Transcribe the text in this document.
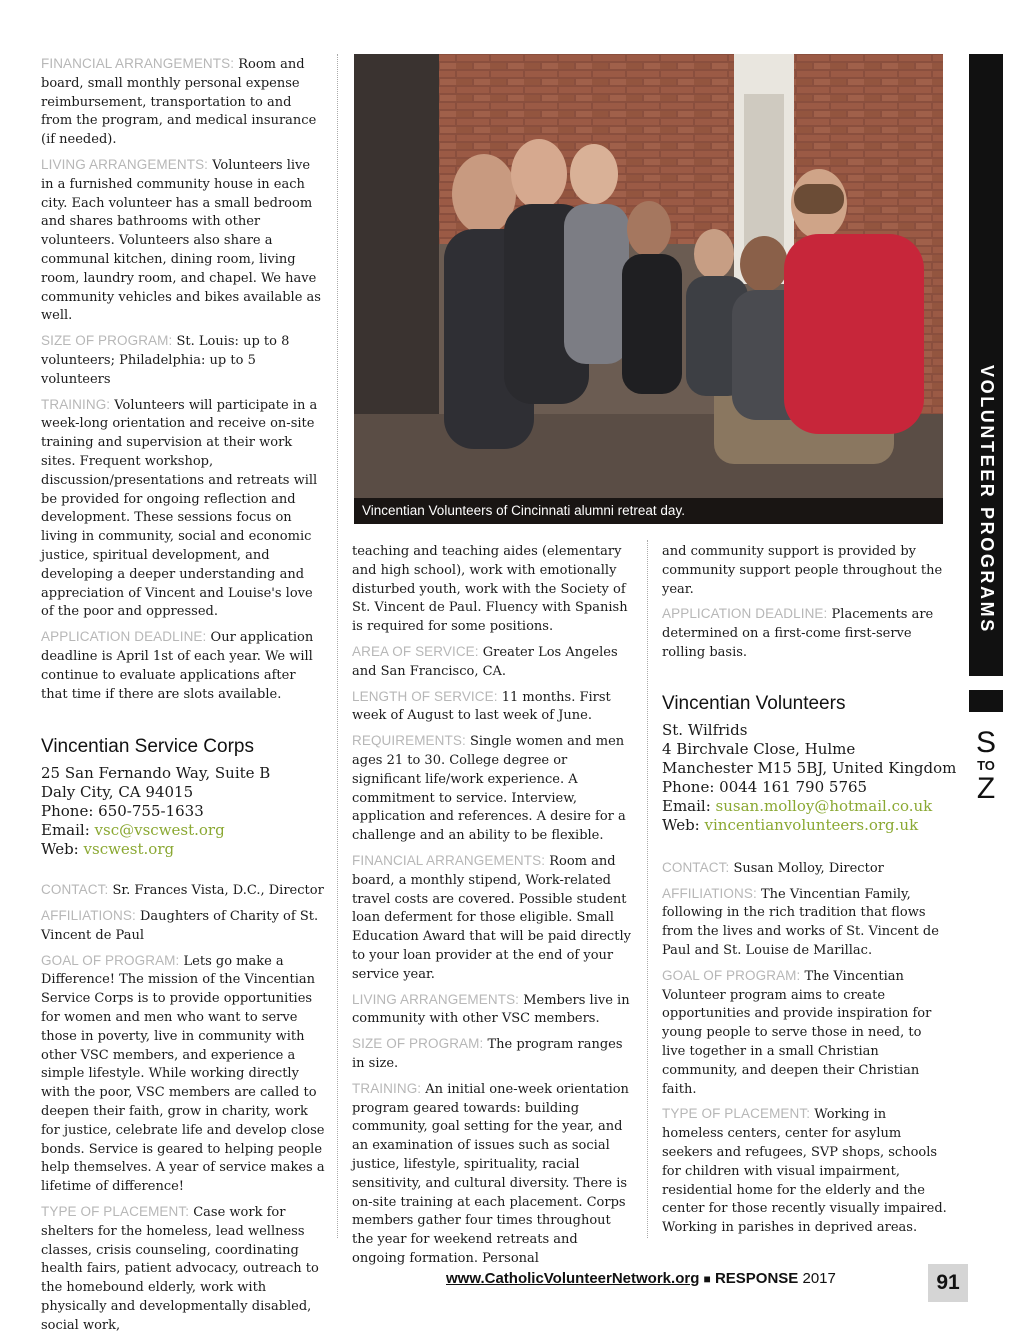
FINANCIAL ARRANGEMENTS: Room and board, small monthly personal expense reimbursement, transportation to and from the program, and medical insurance (if needed).

LIVING ARRANGEMENTS: Volunteers live in a furnished community house in each city. Each volunteer has a small bedroom and shares bathrooms with other volunteers. Volunteers also share a communal kitchen, dining room, living room, laundry room, and chapel. We have community vehicles and bikes available as well.

SIZE OF PROGRAM: St. Louis: up to 8 volunteers; Philadelphia: up to 5 volunteers

TRAINING: Volunteers will participate in a week-long orientation and receive on-site training and supervision at their work sites. Frequent workshop, discussion/presentations and retreats will be provided for ongoing reflection and development. These sessions focus on living in community, social and economic justice, spiritual development, and developing a deeper understanding and appreciation of Vincent and Louise's love of the poor and oppressed.

APPLICATION DEADLINE: Our application deadline is April 1st of each year. We will continue to evaluate applications after that time if there are slots available.

Vincentian Service Corps
25 San Fernando Way, Suite B
Daly City, CA 94015
Phone: 650-755-1633
Email: vsc@vscwest.org
Web: vscwest.org

CONTACT: Sr. Frances Vista, D.C., Director

AFFILIATIONS: Daughters of Charity of St. Vincent de Paul

GOAL OF PROGRAM: Lets go make a Difference! The mission of the Vincentian Service Corps is to provide opportunities for women and men who want to serve those in poverty, live in community with other VSC members, and experience a simple lifestyle. While working directly with the poor, VSC members are called to deepen their faith, grow in charity, work for justice, celebrate life and develop close bonds. Service is geared to helping people help themselves. A year of service makes a lifetime of difference!

TYPE OF PLACEMENT: Case work for shelters for the homeless, lead wellness classes, crisis counseling, coordinating health fairs, patient advocacy, outreach to the homebound elderly, work with physically and developmentally disabled, social work,

Vincentian Volunteers of Cincinnati alumni retreat day.

teaching and teaching aides (elementary and high school), work with emotionally disturbed youth, work with the Society of St. Vincent de Paul. Fluency with Spanish is required for some positions.

AREA OF SERVICE: Greater Los Angeles and San Francisco, CA.

LENGTH OF SERVICE: 11 months. First week of August to last week of June.

REQUIREMENTS: Single women and men ages 21 to 30. College degree or significant life/work experience. A commitment to service. Interview, application and references. A desire for a challenge and an ability to be flexible.

FINANCIAL ARRANGEMENTS: Room and board, a monthly stipend, Work-related travel costs are covered. Possible student loan deferment for those eligible. Small Education Award that will be paid directly to your loan provider at the end of your service year.

LIVING ARRANGEMENTS: Members live in community with other VSC members.

SIZE OF PROGRAM: The program ranges in size.

TRAINING: An initial one-week orientation program geared towards: building community, goal setting for the year, and an examination of issues such as social justice, lifestyle, spirituality, racial sensitivity, and cultural diversity. There is on-site training at each placement. Corps members gather four times throughout the year for weekend retreats and ongoing formation. Personal

and community support is provided by community support people throughout the year.

APPLICATION DEADLINE: Placements are determined on a first-come first-serve rolling basis.

Vincentian Volunteers
St. Wilfrids
4 Birchvale Close, Hulme
Manchester M15 5BJ, United Kingdom
Phone: 0044 161 790 5765
Email: susan.molloy@hotmail.co.uk
Web: vincentianvolunteers.org.uk

CONTACT: Susan Molloy, Director

AFFILIATIONS: The Vincentian Family, following in the rich tradition that flows from the lives and works of St. Vincent de Paul and St. Louise de Marillac.

GOAL OF PROGRAM: The Vincentian Volunteer program aims to create opportunities and provide inspiration for young people to serve those in need, to live together in a small Christian community, and deepen their Christian faith.

TYPE OF PLACEMENT: Working in homeless centers, center for asylum seekers and refugees, SVP shops, schools for children with visual impairment, residential home for the elderly and the center for those recently visually impaired. Working in parishes in deprived areas.

VOLUNTEER PROGRAMS
S
TO
Z
www.CatholicVolunteerNetwork.org ■ RESPONSE 2017	91
